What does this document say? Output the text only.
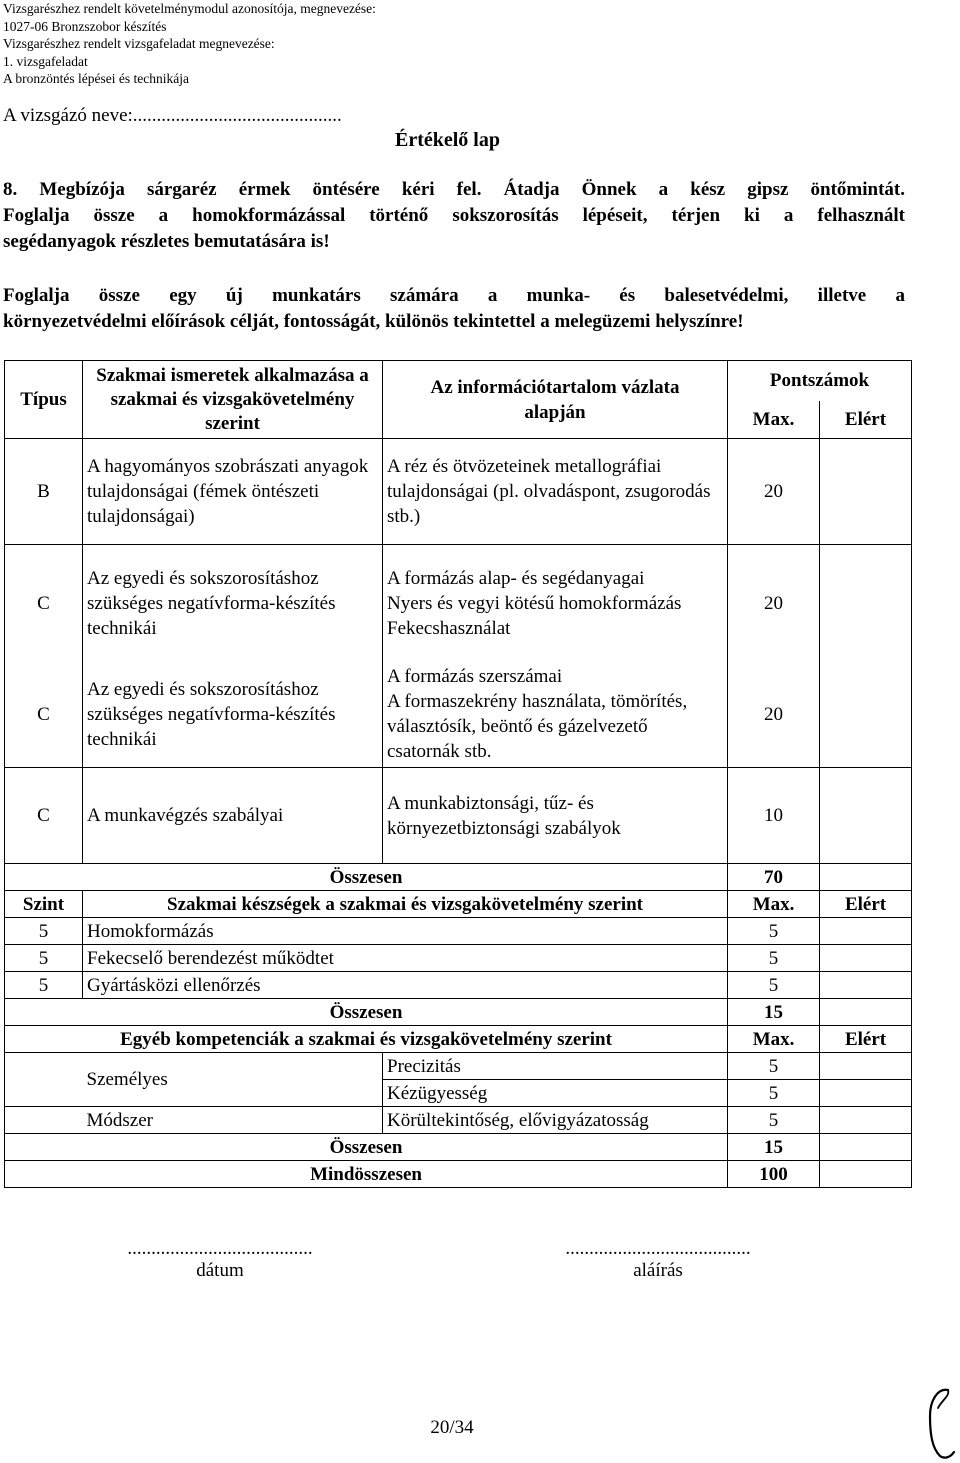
Vizsgarészhez rendelt követelménymodul azonosítója, megnevezése:
1027-06 Bronzszobor készítés
Vizsgarészhez rendelt vizsgafeladat megnevezése:
1. vizsgafeladat
A bronzöntés lépései és technikája
A vizsgázó neve:............................................
Értékelő lap
8. Megbízója sárgaréz érmek öntésére kéri fel. Átadja Önnek a kész gipsz öntőmintát.
Foglalja össze a homokformázással történő sokszorosítás lépéseit, térjen ki a felhasznált
segédanyagok részletes bemutatására is!
Foglalja össze egy új munkatárs számára a munka- és balesetvédelmi, illetve a
környezetvédelmi előírások célját, fontosságát, különös tekintettel a melegüzemi helyszínre!
Típus	Szakmai ismeretek alkalmazása a szakmai és vizsgakövetelmény szerint	Az információtartalom vázlata alapján	Pontszámok	
			Max.	Elért
B	A hagyományos szobrászati anyagok tulajdonságai (fémek öntészeti tulajdonságai)	A réz és ötvözeteinek metallográfiai tulajdonságai (pl. olvadáspont, zsugorodás stb.)	20	
C	Az egyedi és sokszorosításhoz szükséges negatívforma-készítés technikái	A formázás alap- és segédanyagai
Nyers és vegyi kötésű homokformázás
Fekecshasználat	20	
C	Az egyedi és sokszorosításhoz szükséges negatívforma-készítés technikái	A formázás szerszámai
A formaszekrény használata, tömörítés, választósík, beöntő és gázelvezető csatornák stb.	20	
C	A munkavégzés szabályai	A munkabiztonsági, tűz- és környezetbiztonsági szabályok	10	
Összesen			70	
Szint	Szakmai készségek a szakmai és vizsgakövetelmény szerint		Max.	Elért
5	Homokformázás		5	
5	Fekecselő berendezést működtet		5	
5	Gyártásközi ellenőrzés		5	
Összesen			15	
Egyéb kompetenciák a szakmai és vizsgakövetelmény szerint			Max.	Elért
	Személyes	Precizitás	5	
		Kézügyesség	5	
	Módszer	Körültekintőség, elővigyázatosság	5	
Összesen			15	
Mindösszesen			100	
.......................................
dátum
.......................................
aláírás
20/34
